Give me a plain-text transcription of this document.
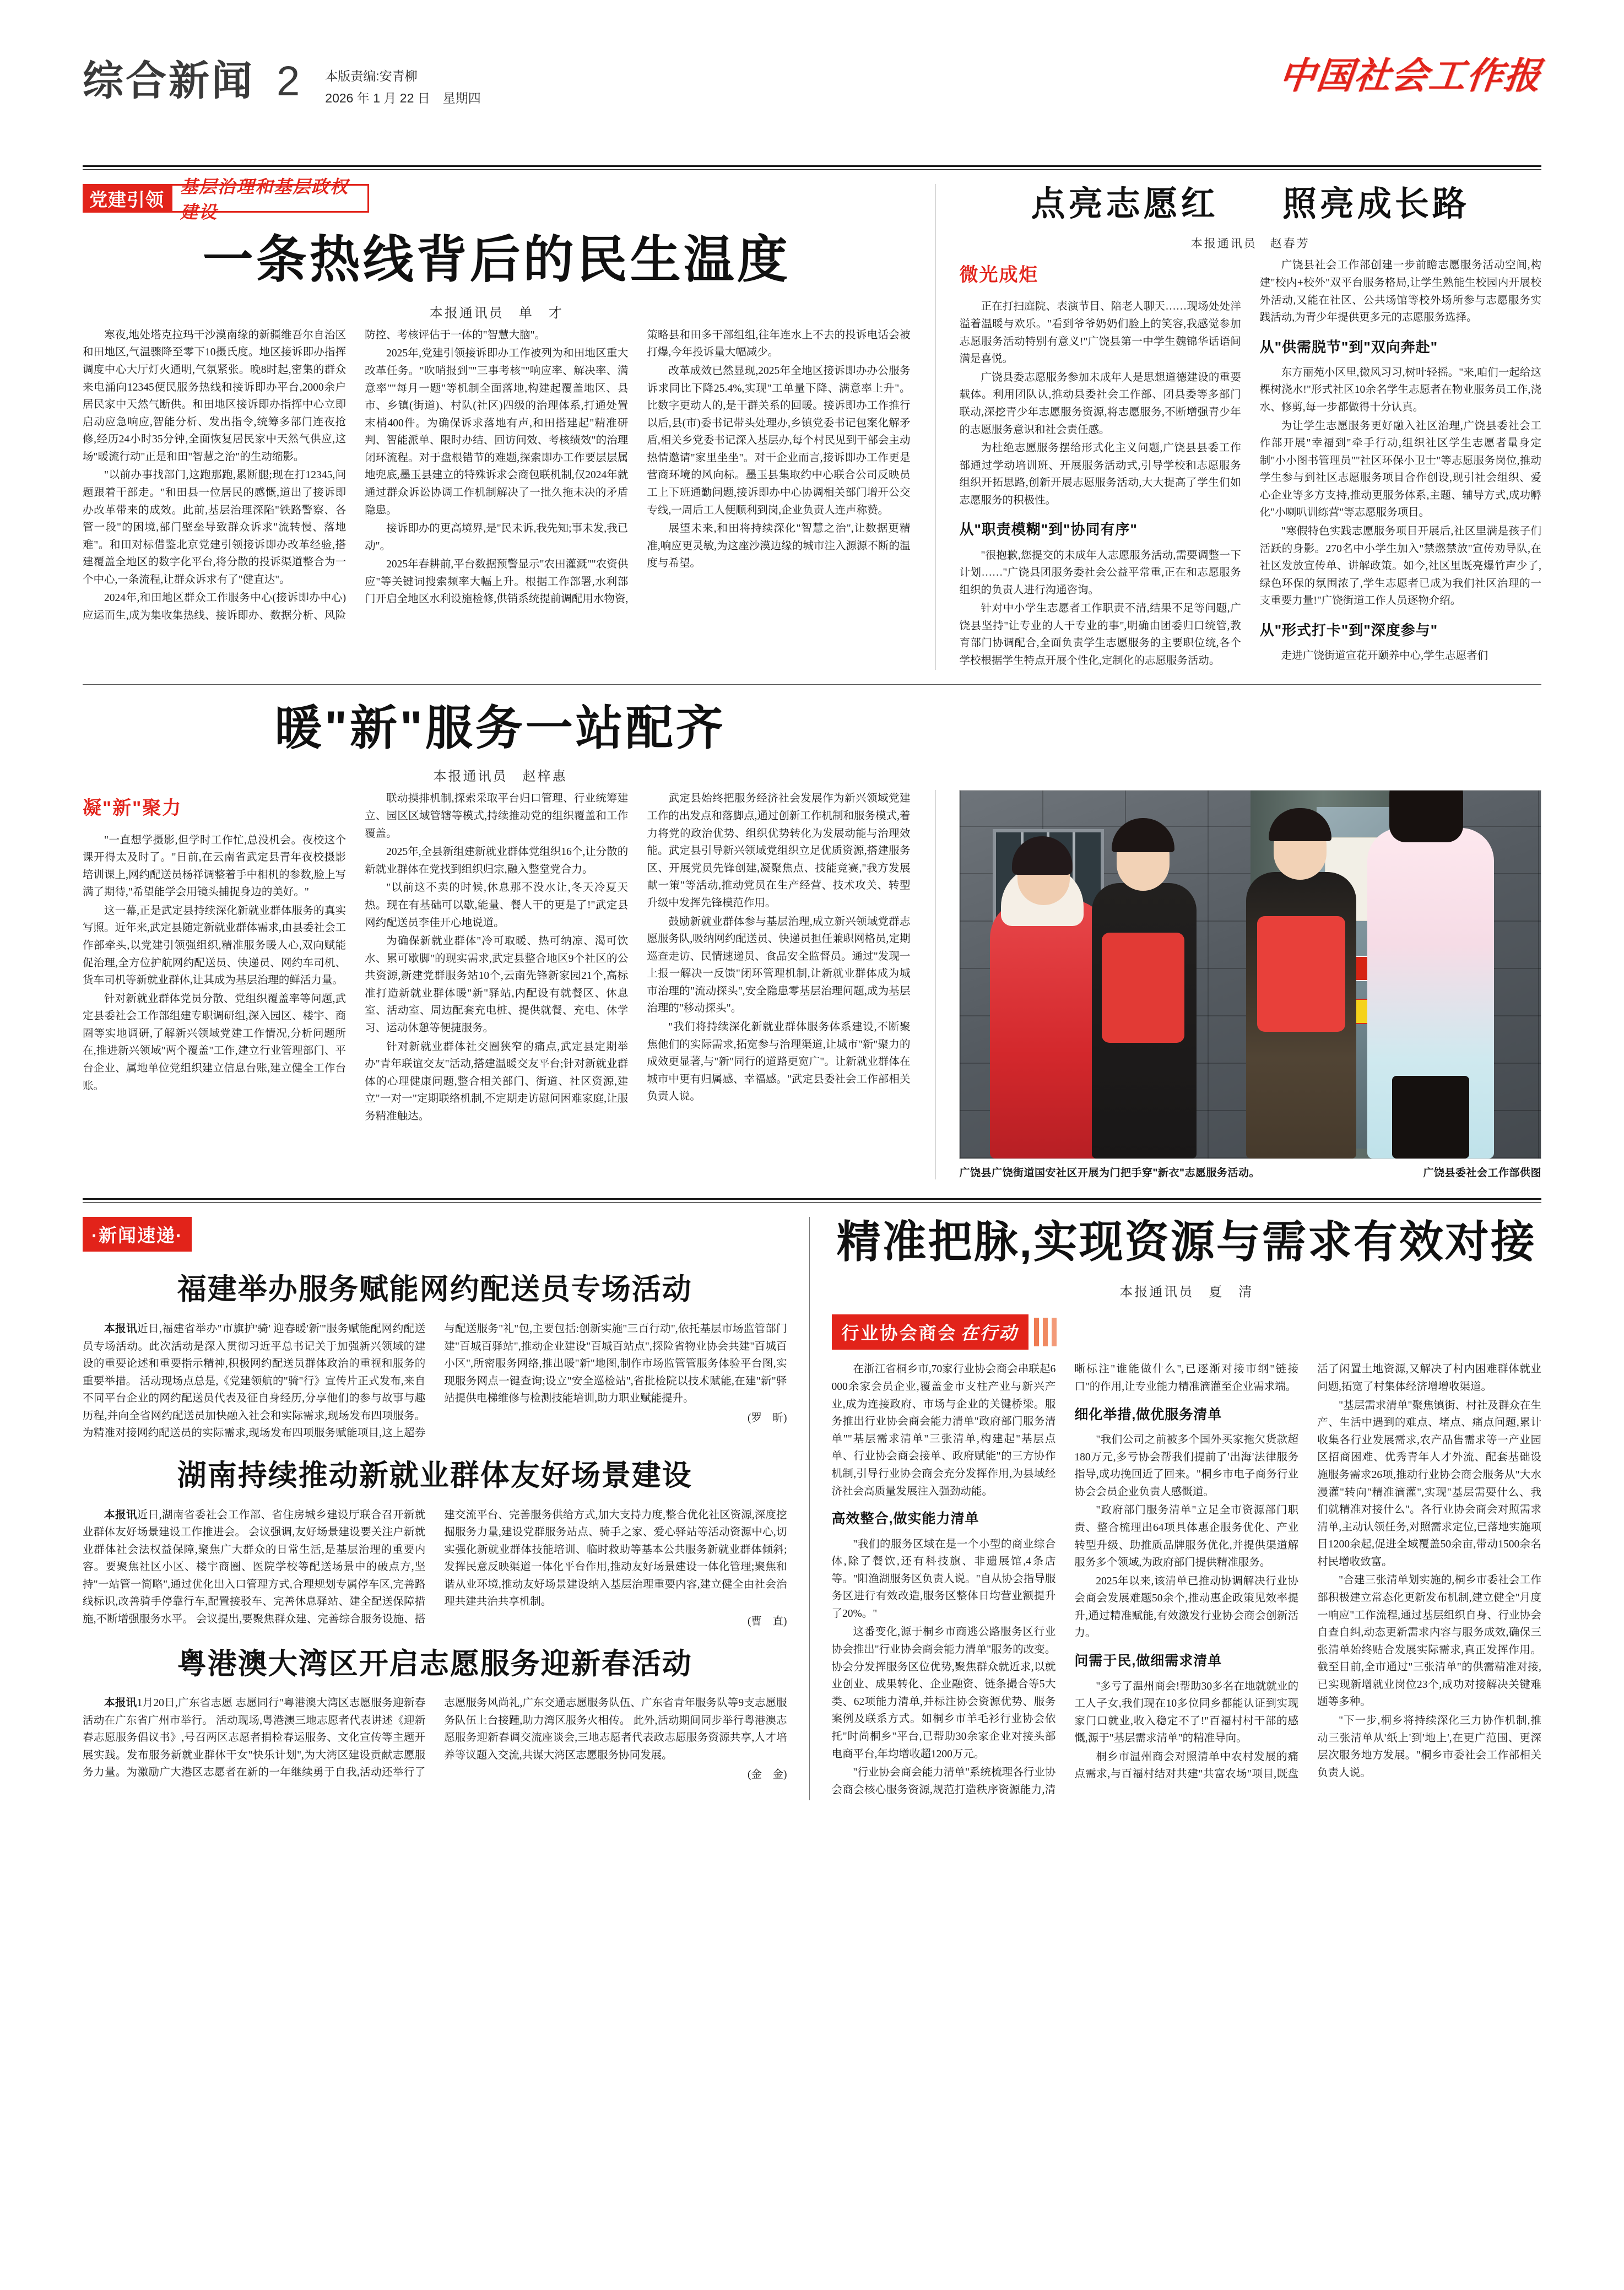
综合新闻 2 本版责编:安青柳
2026 年 1 月 22 日　星期四
中国社会工作报
党建引领
基层治理和基层政权建设
一条热线背后的民生温度
本报通讯员　单　才

寒夜,地处塔克拉玛干沙漠南缘的新疆维吾尔自治区和田地区,气温骤降至零下10摄氏度。地区接诉即办指挥调度中心大厅灯火通明,气氛紧张。晚8时起,密集的群众来电涌向12345便民服务热线和接诉即办平台,2000余户居民家中天然气断供。和田地区接诉即办指挥中心立即启动应急响应,智能分析、发出指令,统筹多部门连夜抢修,经历24小时35分钟,全面恢复居民家中天然气供应,这场"暖流行动"正是和田"智慧之治"的生动缩影。

"以前办事找部门,这跑那跑,累断腿;现在打12345,问题跟着干部走。"和田县一位居民的感慨,道出了接诉即办改革带来的成效。此前,基层治理深陷"铁路警察、各管一段"的困境,部门壁垒导致群众诉求"流转慢、落地难"。和田对标借鉴北京党建引领接诉即办改革经验,搭建覆盖全地区的数字化平台,将分散的投诉渠道整合为一个中心,一条流程,让群众诉求有了"健直达"。

2024年,和田地区群众工作服务中心(接诉即办中心)应运而生,成为集收集热线、接诉即办、数据分析、风险防控、考核评估于一体的"智慧大脑"。

2025年,党建引领接诉即办工作被列为和田地区重大改革任务。"吹哨报到""三事考核""响应率、解决率、满意率""每月一题"等机制全面落地,构建起覆盖地区、县市、乡镇(街道)、村队(社区)四级的治理体系,打通处置末梢400件。为确保诉求落地有声,和田搭建起"精准研判、智能派单、限时办结、回访问效、考核绩效"的治理闭环流程。对于盘根错节的难题,探索即办工作要层层属地兜底,墨玉县建立的特殊诉求会商包联机制,仅2024年就通过群众诉讼协调工作机制解决了一批久拖未决的矛盾隐患。

接诉即办的更高境界,是"民未诉,我先知;事未发,我已动"。

2025年春耕前,平台数据预警显示"农田灌溉""农资供应"等关键词搜索频率大幅上升。根据工作部署,水利部门开启全地区水利设施检修,供销系统提前调配用水物资,策略县和田多干部组组,往年连水上不去的投诉电话会被打爆,今年投诉量大幅减少。

改革成效已然显现,2025年全地区接诉即办办公服务诉求同比下降25.4%,实现"工单量下降、满意率上升"。比数字更动人的,是干群关系的回暖。接诉即办工作推行以后,县(市)委书记带头处理办,乡镇党委书记包案化解矛盾,相关乡党委书记深入基层办,每个村民见到干部会主动热情邀请"家里坐坐"。对干企业而言,接诉即办工作更是营商环境的风向标。墨玉县集取约中心联合公司反映员工上下班通勤问题,接诉即办中心协调相关部门增开公交专线,一周后工人便顺利到岗,企业负责人连声称赞。

展望未来,和田将持续深化"智慧之治",让数据更精准,响应更灵敏,为这座沙漠边缘的城市注入源源不断的温度与希望。

点亮志愿红 照亮成长路
本报通讯员　赵春芳
微光成炬

正在打扫庭院、表演节目、陪老人聊天……现场处处洋溢着温暖与欢乐。"看到爷爷奶奶们脸上的笑容,我感觉参加志愿服务活动特别有意义!"广饶县第一中学生魏锦华话语间满是喜悦。

广饶县委志愿服务参加未成年人是思想道德建设的重要载体。利用团队认,推动县委社会工作部、团县委等多部门联动,深挖青少年志愿服务资源,将志愿服务,不断增强青少年的志愿服务意识和社会责任感。

为杜绝志愿服务摆给形式化主义问题,广饶县县委工作部通过学动培训班、开展服务活动式,引导学校和志愿服务组织开拓思路,创新开展志愿服务活动,大大提高了学生们如志愿服务的积极性。

从"职责模糊"到"协同有序"

"很抱歉,您提交的未成年人志愿服务活动,需要调整一下计划……"广饶县团服务委社会公益平常重,正在和志愿服务组织的负责人进行沟通咨询。

针对中小学生志愿者工作职责不清,结果不足等问题,广饶县坚持"让专业的人干专业的事",明确由团委归口统管,教育部门协调配合,全面负责学生志愿服务的主要职位统,各个学校根据学生特点开展个性化,定制化的志愿服务活动。

广饶县社会工作部创建一步前瞻志愿服务活动空间,构建"校内+校外"双平台服务格局,让学生熟能生校园内开展校外活动,又能在社区、公共场馆等校外场所参与志愿服务实践活动,为青少年提供更多元的志愿服务选择。

从"供需脱节"到"双向奔赴"

东方丽苑小区里,微风习习,树叶轻摇。"来,咱们一起给这棵树浇水!"形式社区10余名学生志愿者在物业服务员工作,浇水、修剪,每一步都做得十分认真。

为让学生志愿服务更好融入社区治理,广饶县委社会工作部开展"幸福到"牵手行动,组织社区学生志愿者量身定制"小小图书管理员""社区环保小卫士"等志愿服务岗位,推动学生参与到社区志愿服务项目合作创设,现引社会组织、爱心企业等多方支持,推动更服务体系,主题、辅导方式,成功孵化"小喇叭训练营"等志愿服务项目。

"寒假特色实践志愿服务项目开展后,社区里满是孩子们活跃的身影。270名中小学生加入"禁燃禁放"宣传劝导队,在社区发放宣传单、讲解政策。如今,社区里既亮爆竹声少了,绿色环保的氛围浓了,学生志愿者已成为我们社区治理的一支重要力量!"广饶街道工作人员逐物介绍。

从"形式打卡"到"深度参与"

走进广饶街道宣花开颐养中心,学生志愿者们

暖"新"服务一站配齐
本报通讯员　赵梓惠
凝"新"聚力

"一直想学摄影,但学时工作忙,总没机会。夜校这个课开得太及时了。"日前,在云南省武定县青年夜校摄影培训课上,网约配送员杨祥调整着手中相机的参数,脸上写满了期待,"希望能学会用镜头捕捉身边的美好。"

这一幕,正是武定县持续深化新就业群体服务的真实写照。近年来,武定县随定新就业群体需求,由县委社会工作部牵头,以党建引领强组织,精准服务暖人心,双向赋能促治理,全方位护航网约配送员、快递员、网约车司机、货车司机等新就业群体,让其成为基层治理的鲜活力量。

针对新就业群体党员分散、党组织覆盖率等问题,武定县委社会工作部组建专职调研组,深入园区、楼宇、商圈等实地调研,了解新兴领域党建工作情况,分析问题所在,推进新兴领域"两个覆盖"工作,建立行业管理部门、平台企业、属地单位党组织建立信息台账,建立健全工作台账。

联动摸排机制,探索采取平台归口管理、行业统筹建立、园区区域管辖等模式,持续推动党的组织覆盖和工作覆盖。

2025年,全县新组建新就业群体党组织16个,让分散的新就业群体在党找到组织归宗,融入整堂党合力。

"以前这不卖的时候,休息那不没水让,冬天冷夏天热。现在有基础可以歇,能量、餐人干的更是了!"武定县网约配送员李佳开心地说道。

为确保新就业群体"冷可取暖、热可纳凉、渴可饮水、累可歇脚"的现实需求,武定县整合地区9个社区的公共资源,新建党群服务站10个,云南先锋新家园21个,高标准打造新就业群体暖"新"驿站,内配设有就餐区、休息室、活动室、周边配套充电桩、提供就餐、充电、休学习、运动休憩等便捷服务。

针对新就业群体社交圈狭窄的痛点,武定县定期举办"青年联谊交友"活动,搭建温暖交友平台;针对新就业群体的心理健康问题,整合相关部门、街道、社区资源,建立"一对一"定期联络机制,不定期走访慰问困难家庭,让服务精准触达。

武定县始终把服务经济社会发展作为新兴领域党建工作的出发点和落脚点,通过创新工作机制和服务模式,着力将党的政治优势、组织优势转化为发展动能与治理效能。武定县引导新兴领域党组织立足优质资源,搭建服务区、开展党员先锋创建,凝聚焦点、技能竞赛,"我方发展献一策"等活动,推动党员在生产经营、技术攻关、转型升级中发挥先锋模范作用。

鼓励新就业群体参与基层治理,成立新兴领域党群志愿服务队,吸纳网约配送员、快递员担任兼职网格员,定期巡查走访、民情速递员、食品安全监督员。通过"发现一上报一解决一反馈"闭环管理机制,让新就业群体成为城市治理的"流动探头",安全隐患零基层治理问题,成为基层治理的"移动探头"。

"我们将持续深化新就业群体服务体系建设,不断聚焦他们的实际需求,拓宽参与治理渠道,让城市"新"聚力的成效更显著,与"新"同行的道路更宽广"。让新就业群体在城市中更有归属感、幸福感。"武定县委社会工作部相关负责人说。

广饶县广饶街道国安社区开展为门把手穿"新衣"志愿服务活动。	广饶县委社会工作部供图
·新闻速递·
福建举办服务赋能网约配送员专场活动

本报讯近日,福建省举办"市旗护'骑' 迎春暖'新'"服务赋能配网约配送员专场活动。此次活动是深入贯彻习近平总书记关于加强新兴领域的建设的重要论述和重要指示精神,积极网约配送员群体政治的重视和服务的重要举措。 活动现场点总是,《党建领航的"骑"行》宣传片正式发布,来自不同平台企业的网约配送员代表及征自身经历,分享他们的参与故事与趣历程,并向全省网约配送员加快融入社会和实际需求,现场发布四项服务。 为精准对接网约配送员的实际需求,现场发布四项服务赋能项目,这上超券与配送服务"礼"包,主要包括:创新实施"三百行动",依托基层市场监管部门建"百城百驿站",推动企业建设"百城百站点",探险省物业协会共建"百城百小区",所密服务网络,推出暖"新"地图,制作市场监管管服务体验平台图,实现服务网点一键查询;设立"安全巡检站",省批检院以技术赋能,在建"新"驿站提供电梯维修与检测技能培训,助力职业赋能提升。

(罗　昕)
湖南持续推动新就业群体友好场景建设

本报讯近日,湖南省委社会工作部、省住房城乡建设厅联合召开新就业群体友好场景建设工作推进会。 会议强调,友好场景建设要关注户新就业群体社会法权益保障,聚焦广大群众的日常生活,是基层治理的重要内容。要聚焦社区小区、楼宇商圈、医院学校等配送场景中的破点方,坚持"一站管一简略",通过优化出入口管理方式,合理规划专属停车区,完善路线标识,改善骑手停靠行车,配置接驳车、完善休息驿站、建全配送保障措施,不断增强服务水平。 会议提出,要聚焦群众建、完善综合服务设施、搭建交流平台、完善服务供给方式,加大支持力度,整合优化社区资源,深度挖掘服务力量,建设党群服务站点、骑手之家、爱心驿站等活动资源中心,切实强化新就业群体技能培训、临时救助等基本公共服务新就业群体倾斜;发挥民意反映渠道一体化平台作用,推动友好场景建设一体化管理;聚焦和谐从业环境,推动友好场景建设纳入基层治理重要内容,建立健全由社会治理共建共治共享机制。

(曹　直)
粤港澳大湾区开启志愿服务迎新春活动

本报讯1月20日,广东省志愿 志愿同行"粤港澳大湾区志愿服务迎新春活动在广东省广州市举行。 活动现场,粤港澳三地志愿者代表讲述《迎新春志愿服务倡议书》,号召两区志愿者捐检春运服务、文化宣传等主题开展实践。发布服务新就业群体干女"快乐计划",为大湾区建设贡献志愿服务力量。为激励广大港区志愿者在新的一年继续勇于自我,活动还举行了志愿服务风尚礼,广东交通志愿服务队伍、广东省青年服务队等9支志愿服务队伍上台接踵,助力湾区服务火相传。 此外,活动期间同步举行粤港澳志愿服务迎新春调交流座谈会,三地志愿者代表政志愿服务资源共享,人才培养等议题入交流,共谋大湾区志愿服务协同发展。

(金　金)
精准把脉,实现资源与需求有效对接
本报通讯员　夏　清
行业协会商会 在行动

在浙江省桐乡市,70家行业协会商会串联起6000余家会员企业,覆盖金市支柱产业与新兴产业,成为连接政府、市场与企业的关键桥梁。服务推出行业协会商会能力清单"政府部门服务清单""基层需求清单"三张清单,构建起"基层点单、行业协会商会接单、政府赋能"的三方协作机制,引导行业协会商会充分发挥作用,为县域经济社会高质量发展注入强劲动能。

高效整合,做实能力清单

"我们的服务区域在是一个小型的商业综合体,除了餐饮,还有科技旗、非遗展馆,4条店等。"阳渔湖服务区负责人说。"自从协会指导服务区进行有效改造,服务区整体日均营业额提升了20%。"

这番变化,源于桐乡市商逃公路服务区行业协会推出"行业协会商会能力清单"服务的改变。协会分发挥服务区位优势,聚焦群众就近求,以就业创业、成果转化、企业融资、链条撮合等5大类、62项能力清单,并标注协会资源优势、服务案例及联系方式。如桐乡市羊毛衫行业协会依托"时尚桐乡"平台,已帮助30余家企业对接头部电商平台,年均增收超1200万元。

"行业协会商会能力清单"系统梳理各行业协会商会核心服务资源,规范打造秩序资源能力,清晰标注"谁能做什么",已逐渐对接市纲"链接口"的作用,让专业能力精准滴灌至企业需求端。

细化举措,做优服务清单

"我们公司之前被多个国外买家拖欠货款超180万元,多亏协会帮我们提前了'出海'法律服务指导,成功挽回近了回来。"桐乡市电子商务行业协会会员企业负责人感慨道。

"政府部门服务清单"立足全市资源部门职责、整合梳理出64项具体惠企服务优化、产业转型升级、助推质品牌服务优化,并提供渠道解服务多个领域,为政府部门提供精准服务。

2025年以来,该清单已推动协调解决行业协会商会发展难题50余个,推动惠企政策见效率提升,通过精准赋能,有效激发行业协会商会创新活力。

问需于民,做细需求清单

"多亏了温州商会!帮助30多名在地就就业的工人子女,我们现在10多位同乡都能认证到实现家门口就业,收入稳定不了!"百福村村干部的感慨,源于"基层需求清单"的精准导向。

桐乡市温州商会对照清单中农村发展的痛点需求,与百福村结对共建"共富农场"项目,既盘活了闲置土地资源,又解决了村内困难群体就业问题,拓宽了村集体经济增增收渠道。

"基层需求清单"聚焦镇街、村社及群众在生产、生活中遇到的难点、堵点、痛点问题,累计收集各行业发展需求,农产品售需求等一产业园区招商困难、优秀青年人才外流、配套基础设施服务需求26项,推动行业协会商会服务从"大水漫灌"转向"精准滴灌",实现"基层需要什么、我们就精准对接什么"。各行业协会商会对照需求清单,主动认领任务,对照需求定位,已落地实施项目1200余起,促进全域覆盖50余亩,带动1500余名村民增收致富。

"合建三张清单划实施的,桐乡市委社会工作部积极建立常态化更新发布机制,建立健全"月度一响应"工作流程,通过基层组织自身、行业协会自查自纠,动态更新需求内容与服务成效,确保三张清单始终贴合发展实际需求,真正发挥作用。截至目前,全市通过"三张清单"的供需精准对接,已实现新增就业岗位23个,成功对接解决关键难题等多种。

"下一步,桐乡将持续深化三力协作机制,推动三张清单从'纸上'到'地上',在更广范围、更深层次服务地方发展。"桐乡市委社会工作部相关负责人说。
